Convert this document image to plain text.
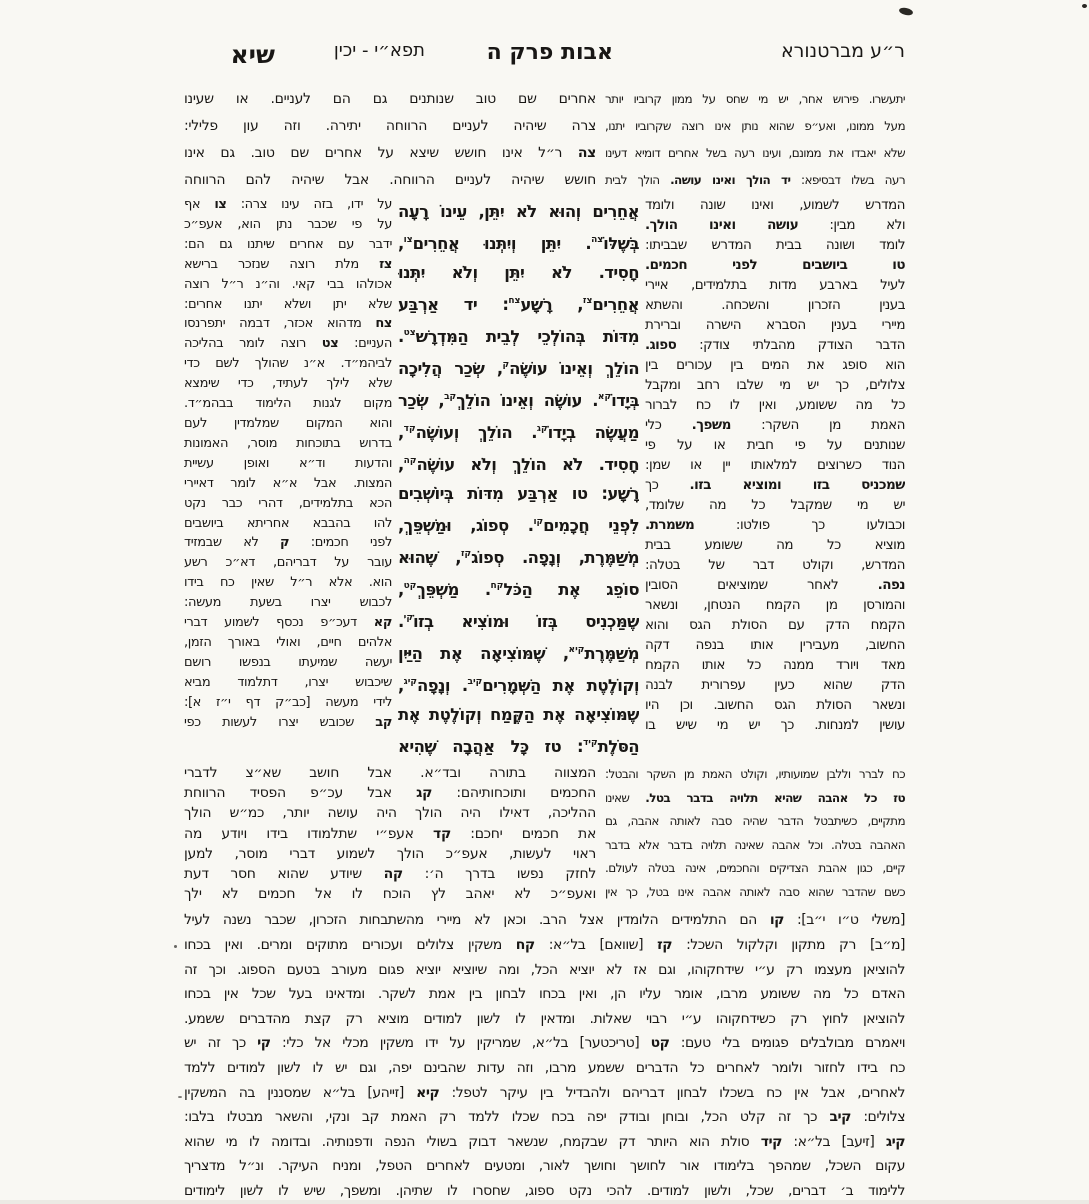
ר״ע מברטנורא
אבות פרק ה
תפא״י - יכין
שיא
יתעשרו. פירוש אחר, יש מי שחס על ממון קרוביו יותר
מעל ממונו, ואע״פ שהוא נותן אינו רוצה שקרוביו יתנו,
שלא יאבדו את ממונם, ועינו רעה בשל אחרים דומיא דעינו
רעה בשלו דבסיפא: יד הולך ואינו עושה. הולך לבית
אחרים שם טוב שנותנים גם הם לעניים. או שעינו
צרה שיהיה לעניים הרווחה יתירה. וזה עון פלילי:
צה ר״ל אינו חושש שיצא על אחרים שם טוב. גם אינו
חושש שיהיה לעניים הרווחה. אבל שיהיה להם הרווחה
המדרש לשמוע, ואינו שונה ולומד
ולא מבין: עושה ואינו הולך.
לומד ושונה בבית המדרש שבביתו:
טו ביושבים לפני חכמים.
לעיל בארבע מדות בתלמידים, איירי
בענין הזכרון והשכחה. והשתא
מיירי בענין הסברא הישרה וברירת
הדבר הצודק מהבלתי צודק: ספוג.
הוא סופג את המים בין עכורים בין
צלולים, כך יש מי שלבו רחב ומקבל
כל מה ששומע, ואין לו כח לברור
האמת מן השקר: משפך. כלי
שנותנים על פי חבית או על פי
הנוד כשרוצים למלאותו יין או שמן:
שמכניס בזו ומוציא בזו. כך
יש מי שמקבל כל מה שלומד,
וכבולעו כך פולטו: משמרת.
מוציא כל מה ששומע בבית
המדרש, וקולט דבר של בטלה:
נפה. לאחר שמוציאים הסובין
והמורסן מן הקמח הנטחן, ונשאר
הקמח הדק עם הסולת הגס והוא
החשוב, מעבירין אותו בנפה דקה
מאד ויורד ממנה כל אותו הקמח
הדק שהוא כעין עפרורית לבנה
ונשאר הסולת הגס החשוב. וכן היו
עושין למנחות. כך יש מי שיש בו
אֲחֵרִים וְהוּא לֹא יִתֵּן, עֵינוֹ רָעָה
בְּשֶׁלּוֹ$^{צה}$. יִתֵּן וְיִתְּנוּ אֲחֵרִים$^{צו}$,
חָסִיד. לֹא יִתֵּן וְלֹא יִתְּנוּ
אֲחֵרִים$^{צז}$, רָשָׁע$^{צח}$: יד אַרְבַּע
מִדּוֹת בְּהוֹלְכֵי לְבֵית הַמִּדְרָשׁ$^{צט}$.
הוֹלֵךְ וְאֵינוֹ עוֹשֶׂה$^ק$, שְׂכַר הֲלִיכָה
בְּיָדוֹ$^{קא}$. עוֹשֶׂה וְאֵינוֹ הוֹלֵךְ$^{קב}$, שְׂכַר
מַעֲשֶׂה בְיָדוֹ$^{קג}$. הוֹלֵךְ וְעוֹשֶׂה$^{קד}$,
חָסִיד. לֹא הוֹלֵךְ וְלֹא עוֹשֶׂה$^{קה}$,
רָשָׁע: טו אַרְבַּע מִדּוֹת בְּיוֹשְׁבִים
לִפְנֵי חֲכָמִים$^{קו}$. סְפוֹג, וּמַשְׁפֵּךְ,
מְשַׁמֶּרֶת, וְנָפָה. סְפוֹג$^{קז}$, שֶׁהוּא
סוֹפֵג אֶת הַכֹּל$^{קח}$. מַשְׁפֵּךְ$^{קט}$,
שֶׁמַּכְנִיס בְּזוֹ וּמוֹצִיא בְזוֹ$^{קי}$.
מְשַׁמֶּרֶת$^{קיא}$, שֶׁמּוֹצִיאָה אֶת הַיַּיִן
וְקוֹלֶטֶת אֶת הַשְּׁמָרִים$^{קיב}$. וְנָפָה$^{קיג}$,
שֶׁמּוֹצִיאָה אֶת הַקֶּמַח וְקוֹלֶטֶת אֶת
הַסֹּלֶת$^{קיד}$: טז כָּל אַהֲבָה שֶׁהִיא
על ידו, בזה עינו צרה: צו אף
על פי שכבר נתן הוא, אעפ״כ
ידבר עם אחרים שיתנו גם הם:
צז מלת רוצה שנזכר ברישא
אכולהו בבי קאי. וה״נ ר״ל רוצה
שלא יתן ושלא יתנו אחרים:
צח מדהוא אכזר, דבמה יתפרנסו
העניים: צט רוצה לומר בהליכה
לביהמ״ד. א״נ שהולך לשם כדי
שלא לילך לעתיד, כדי שימצא
מקום לגנות הלימוד בבהמ״ד.
והוא המקום שמלמדין לעם
בדרוש בתוכחות מוסר, האמונות
והדעות וד״א ואופן עשיית
המצות. אבל א״א לומר דאיירי
הכא בתלמידים, דהרי כבר נקט
להו בהבבא אחריתא ביושבים
לפני חכמים: ק לא שבמזיד
עובר על דבריהם, דא״כ רשע
הוא. אלא ר״ל שאין כח בידו
לכבוש יצרו בשעת מעשה:
קא דעכ״פ נכסף לשמוע דברי
אלהים חיים, ואולי באורך הזמן,
יעשה שמיעתו בנפשו רושם
שיכבוש יצרו, דתלמוד מביא
לידי מעשה [כב״ק דף י״ז א]:
קב שכובש יצרו לעשות כפי
כח לברר וללבן שמועותיו, וקולט האמת מן השקר והבטל:
טז כל אהבה שהיא תלויה בדבר בטל. שאינו
מתקיים, כשיתבטל הדבר שהיה סבה לאותה אהבה, גם
האהבה בטלה. וכל אהבה שאינה תלויה בדבר אלא בדבר
קיים, כגון אהבת הצדיקים והחכמים, אינה בטלה לעולם.
כשם שהדבר שהוא סבה לאותה אהבה אינו בטל, כך אין
המצווה בתורה ובד״א. אבל חושב שא״צ לדברי
החכמים ותוכחותיהם: קג אבל עכ״פ הפסיד הרווחת
ההליכה, דאילו היה הולך היה עושה יותר, כמ״ש הולך
את חכמים יחכם: קד אעפ״י שתלמודו בידו ויודע מה
ראוי לעשות, אעפ״כ הולך לשמוע דברי מוסר, למען
לחזק נפשו בדרך ה׳: קה שיודע שהוא חסר דעת
ואעפ״כ לא יאהב לץ הוכח לו אל חכמים לא ילך
[משלי ט״ו י״ב]: קו הם התלמידים הלומדין אצל הרב. וכאן לא מיירי מהשתבחות הזכרון, שכבר נשנה לעיל
[מ״ב] רק מתקון וקלקול השכל: קז [שוואם] בל״א: קח משקין צלולים ועכורים מתוקים ומרים. ואין בכחו
להוציאן מעצמו רק ע״י שידחקוהו, וגם אז לא יוציא הכל, ומה שיוציא יוציא פגום מעורב בטעם הספוג. וכך זה
האדם כל מה ששומע מרבו, אומר עליו הן, ואין בכחו לבחון בין אמת לשקר. ומדאינו בעל שכל אין בכחו
להוציאן לחוץ רק כשידחקוהו ע״י רבוי שאלות. ומדאין לו לשון למודים מוציא רק קצת מהדברים ששמע.
ויאמרם מבולבלים פגומים בלי טעם: קט [טריכטער] בל״א, שמריקין על ידו משקין מכלי אל כלי: קי כך זה יש
כח בידו לחזור ולומר לאחרים כל הדברים ששמע מרבו, וזה עדות שהבינם יפה, וגם יש לו לשון למודים ללמד
לאחרים, אבל אין כח בשכלו לבחון דבריהם ולהבדיל בין עיקר לטפל: קיא [זייהע] בל״א שמסננין בה המשקין
צלולים: קיב כך זה קלט הכל, ובוחן ובודק יפה בכח שכלו ללמד רק האמת קב ונקי, והשאר מבטלו בלבו:
קיג [זיעב] בל״א: קיד סולת הוא היותר דק שבקמח, שנשאר דבוק בשולי הנפה ודפנותיה. ובדומה לו מי שהוא
עקום השכל, שמהפך בלימודו אור לחושך וחושך לאור, ומטעים לאחרים הטפל, ומניח העיקר. ונ״ל מדצריך
ללימוד ב׳ דברים, שכל, ולשון למודים. להכי נקט ספוג, שחסרו לו שתיהן. ומשפך, שיש לו לשון לימודים
